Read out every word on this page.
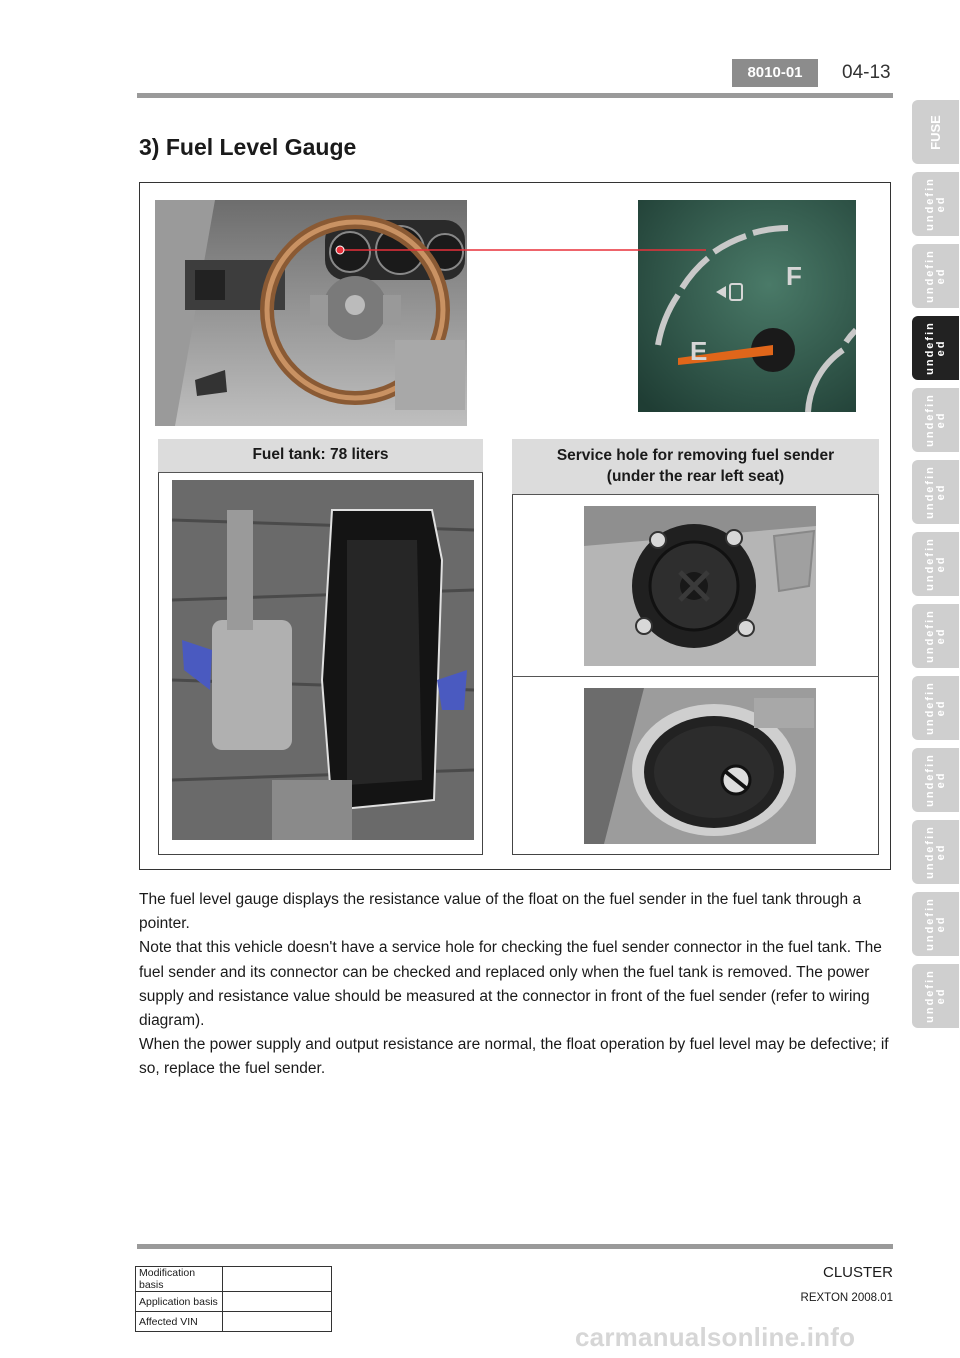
8010-01	04-13
3) Fuel Level Gauge	FUSE
undefin
ed
undefin
ed
undefin
ed
undefin
ed
undefin
ed
undefin
ed
undefin
ed
undefin
ed
undefin
ed
undefin
ed
undefin
ed
undefin
ed
F
E
Fuel tank: 78 liters	Service hole for removing fuel sender
(under the rear left seat)

The fuel level gauge displays the resistance value of the float on the fuel sender in the fuel tank through a pointer.

Note that this vehicle doesn't have a service hole for checking the fuel sender connector in the fuel tank. The fuel sender and its connector can be checked and replaced only when the fuel tank is removed. The power supply and resistance value should be measured at the connector in front of the fuel sender (refer to wiring diagram).

When the power supply and output resistance are normal, the float operation by fuel level may be defective; if so, replace the fuel sender.

CLUSTER
REXTON 2008.01
Modification basis	
Application basis	
Affected VIN	
carmanualsonline.info
